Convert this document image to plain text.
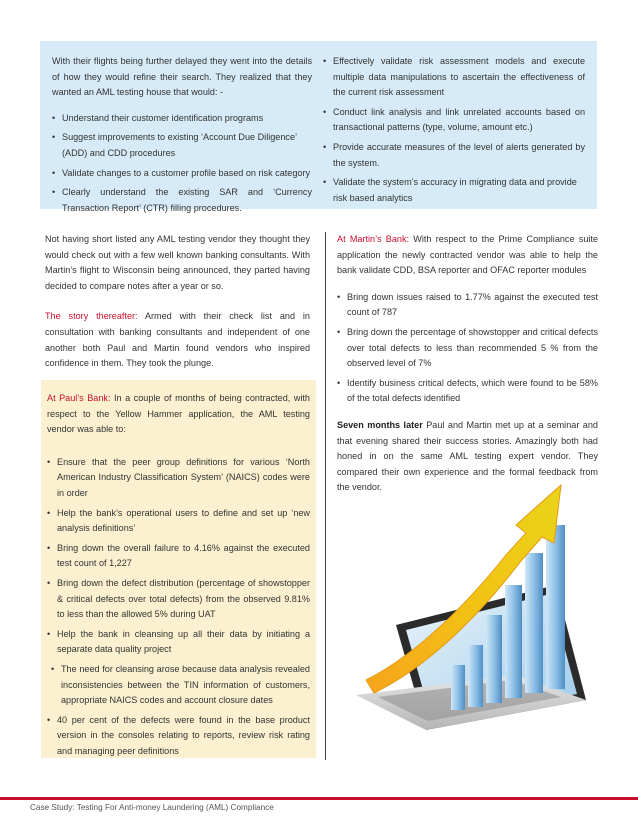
With their flights being further delayed they went into the details of how they would refine their search. They realized that they wanted an AML testing house that would: -

• Understand their customer identification programs
• Suggest improvements to existing ‘Account Due Diligence’ (ADD) and CDD procedures
• Validate changes to a customer profile based on risk category
• Clearly understand the existing SAR and ‘Currency Transaction Report’ (CTR) filling procedures.
• Effectively validate risk assessment models and execute multiple data manipulations to ascertain the effectiveness of the current risk assessment
• Conduct link analysis and link unrelated accounts based on transactional patterns (type, volume, amount etc.)
• Provide accurate measures of the level of alerts generated by the system.
• Validate the system’s accuracy in migrating data and provide risk based analytics

Not having short listed any AML testing vendor they thought they would check out with a few well known banking consultants. With Martin’s flight to Wisconsin being announced, they parted having decided to compare notes after a year or so.

The story thereafter: Armed with their check list and in consultation with banking consultants and independent of one another both Paul and Martin found vendors who inspired confidence in them. They took the plunge.

At Paul’s Bank: In a couple of months of being contracted, with respect to the Yellow Hammer application, the AML testing vendor was able to:

• Ensure that the peer group definitions for various ‘North American Industry Classification System’ (NAICS) codes were in order
• Help the bank’s operational users to define and set up ‘new analysis definitions’
• Bring down the overall failure to 4.16% against the executed test count of 1,227
• Bring down the defect distribution (percentage of showstopper & critical defects over total defects) from the observed 9.81% to less than the allowed 5% during UAT
• Help the bank in cleansing up all their data by initiating a separate data quality project
• The need for cleansing arose because data analysis revealed inconsistencies between the TIN information of customers, appropriate NAICS codes and account closure dates
• 40 per cent of the defects were found in the base product version in the consoles relating to reports, review risk rating and managing peer definitions

At Martin’s Bank: With respect to the Prime Compliance suite application the newly contracted vendor was able to help the bank validate CDD, BSA reporter and OFAC reporter modules

• Bring down issues raised to 1.77% against the executed test count of 787
• Bring down the percentage of showstopper and critical defects over total defects to less than recommended 5 % from the observed level of 7%
• Identify business critical defects, which were found to be 58% of the total defects identified

Seven months later Paul and Martin met up at a seminar and that evening shared their success stories. Amazingly both had honed in on the same AML testing expert vendor. They compared their own experience and the formal feedback from the vendor.

Case Study: Testing For Anti-money Laundering (AML) Compliance
